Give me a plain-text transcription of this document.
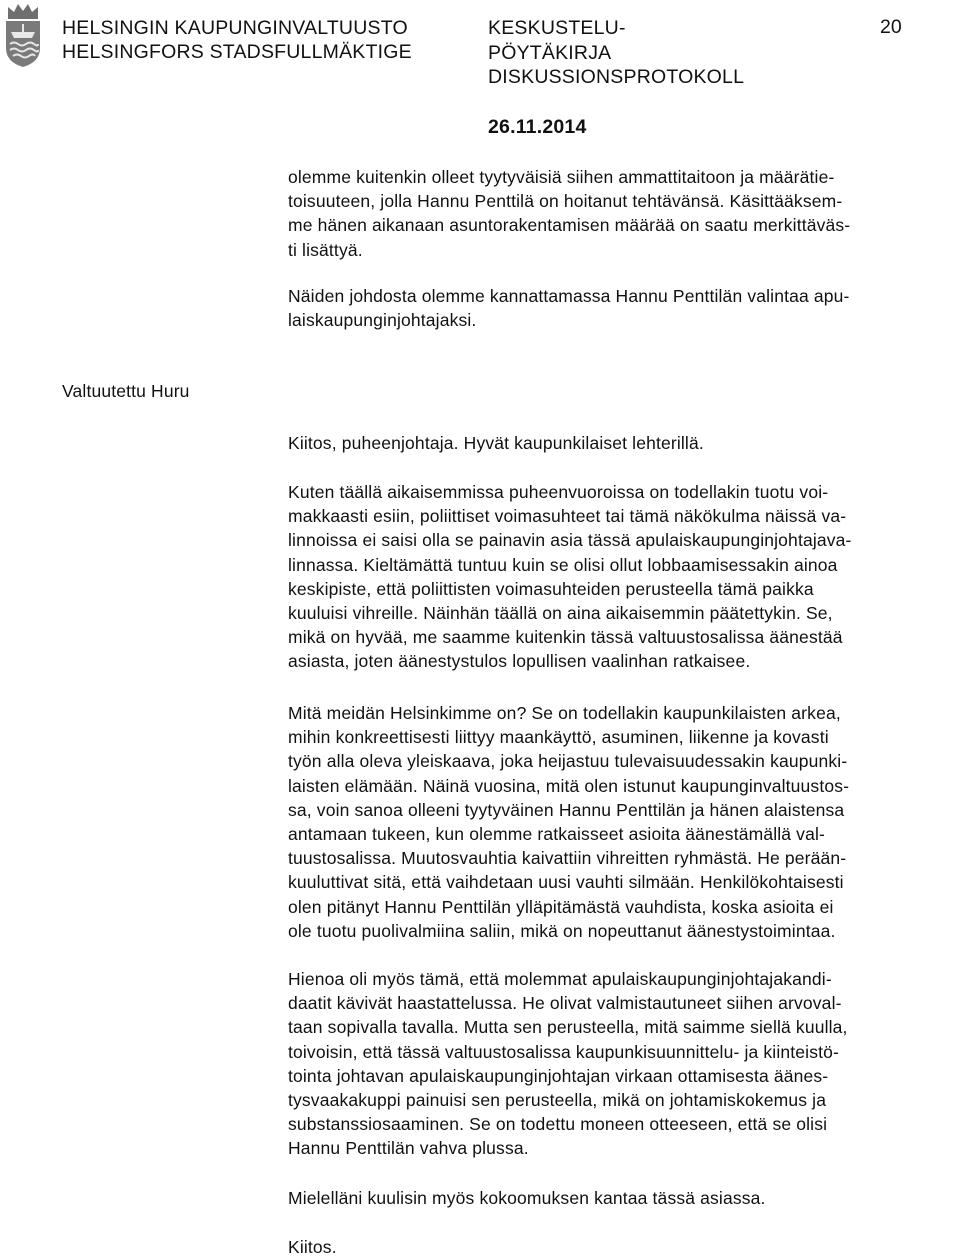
HELSINGIN KAUPUNGINVALTUUSTO
HELSINGFORS STADSFULLMÄKTIGE
KESKUSTELU-
PÖYTÄKIRJA
DISKUSSIONSPROTOKOLL
26.11.2014
20
olemme kuitenkin olleet tyytyväisiä siihen ammattitaitoon ja määrätie-
toisuuteen, jolla Hannu Penttilä on hoitanut tehtävänsä. Käsittääksem-
me hänen aikanaan asuntorakentamisen määrää on saatu merkittäväs-
ti lisättyä.
Näiden johdosta olemme kannattamassa Hannu Penttilän valintaa apu-
laiskaupunginjohtajaksi.
Valtuutettu Huru
Kiitos, puheenjohtaja. Hyvät kaupunkilaiset lehterillä.
Kuten täällä aikaisemmissa puheenvuoroissa on todellakin tuotu voi-
makkaasti esiin, poliittiset voimasuhteet tai tämä näkökulma näissä va-
linnoissa ei saisi olla se painavin asia tässä apulaiskaupunginjohtajava-
linnassa. Kieltämättä tuntuu kuin se olisi ollut lobbaamisessakin ainoa
keskipiste, että poliittisten voimasuhteiden perusteella tämä paikka
kuuluisi vihreille. Näinhän täällä on aina aikaisemmin päätettykin. Se,
mikä on hyvää, me saamme kuitenkin tässä valtuustosalissa äänestää
asiasta, joten äänestystulos lopullisen vaalinhan ratkaisee.
Mitä meidän Helsinkimme on? Se on todellakin kaupunkilaisten arkea,
mihin konkreettisesti liittyy maankäyttö, asuminen, liikenne ja kovasti
työn alla oleva yleiskaava, joka heijastuu tulevaisuudessakin kaupunki-
laisten elämään. Näinä vuosina, mitä olen istunut kaupunginvaltuustos-
sa, voin sanoa olleeni tyytyväinen Hannu Penttilän ja hänen alaistensa
antamaan tukeen, kun olemme ratkaisseet asioita äänestämällä val-
tuustosalissa. Muutosvauhtia kaivattiin vihreitten ryhmästä. He perään-
kuuluttivat sitä, että vaihdetaan uusi vauhti silmään. Henkilökohtaisesti
olen pitänyt Hannu Penttilän ylläpitämästä vauhdista, koska asioita ei
ole tuotu puolivalmiina saliin, mikä on nopeuttanut äänestystoimintaa.
Hienoa oli myös tämä, että molemmat apulaiskaupunginjohtajakandi-
daatit kävivät haastattelussa. He olivat valmistautuneet siihen arvoval-
taan sopivalla tavalla. Mutta sen perusteella, mitä saimme siellä kuulla,
toivoisin, että tässä valtuustosalissa kaupunkisuunnittelu- ja kiinteistö-
tointa johtavan apulaiskaupunginjohtajan virkaan ottamisesta äänes-
tysvaakakuppi painuisi sen perusteella, mikä on johtamiskokemus ja
substanssiosaaminen. Se on todettu moneen otteeseen, että se olisi
Hannu Penttilän vahva plussa.
Mielelläni kuulisin myös kokoomuksen kantaa tässä asiassa.
Kiitos.
